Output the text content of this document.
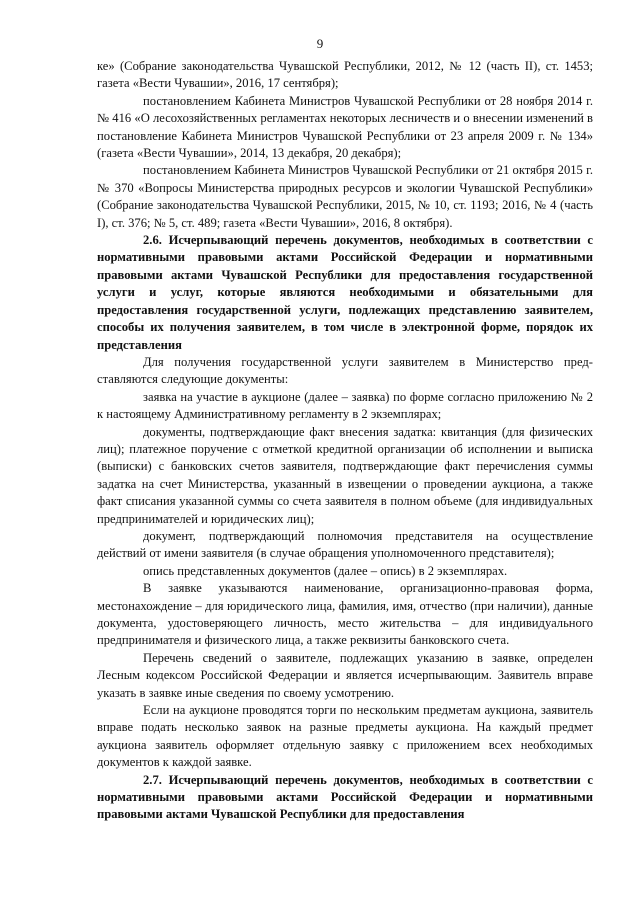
9

ке» (Собрание законодательства Чувашской Республики, 2012, № 12 (часть II), ст. 1453; газета «Вести Чувашии», 2016, 17 сентября);

постановлением Кабинета Министров Чувашской Республики от 28 ноября 2014 г. № 416 «О лесохозяйственных регламентах некоторых лесничеств и о внесении изменений в постановление Кабинета Министров Чувашской Республики от 23 апреля 2009 г. № 134» (газета «Вести Чувашии», 2014, 13 декабря, 20 декабря);

постановлением Кабинета Министров Чувашской Республики от 21 октября 2015 г. № 370 «Вопросы Министерства природных ресурсов и экологии Чувашской Республики» (Собрание законодательства Чувашской Республики, 2015, № 10, ст. 1193; 2016, № 4 (часть I), ст. 376; № 5, ст. 489; газета «Вести Чувашии», 2016, 8 октября).

2.6. Исчерпывающий перечень документов, необходимых в соответствии с нормативными правовыми актами Российской Федерации и нормативными правовыми актами Чувашской Республики для предоставления государственной услуги и услуг, которые являются необходимыми и обязательными для предоставления государственной услуги, подлежащих представлению заявителем, способы их получения заявителем, в том числе в электронной форме, порядок их представления

Для получения государственной услуги заявителем в Министерство представляются следующие документы:

заявка на участие в аукционе (далее – заявка) по форме согласно приложению № 2 к настоящему Административному регламенту в 2 экземплярах;

документы, подтверждающие факт внесения задатка: квитанция (для физических лиц); платежное поручение с отметкой кредитной организации об исполнении и выписка (выписки) с банковских счетов заявителя, подтверждающие факт перечисления суммы задатка на счет Министерства, указанный в извещении о проведении аукциона, а также факт списания указанной суммы со счета заявителя в полном объеме (для индивидуальных предпринимателей и юридических лиц);

документ, подтверждающий полномочия представителя на осуществление действий от имени заявителя (в случае обращения уполномоченного представителя);

опись представленных документов (далее – опись) в 2 экземплярах.

В заявке указываются наименование, организационно-правовая форма, местонахождение – для юридического лица, фамилия, имя, отчество (при наличии), данные документа, удостоверяющего личность, место жительства – для индивидуального предпринимателя и физического лица, а также реквизиты банковского счета.

Перечень сведений о заявителе, подлежащих указанию в заявке, определен Лесным кодексом Российской Федерации и является исчерпывающим. Заявитель вправе указать в заявке иные сведения по своему усмотрению.

Если на аукционе проводятся торги по нескольким предметам аукциона, заявитель вправе подать несколько заявок на разные предметы аукциона. На каждый предмет аукциона заявитель оформляет отдельную заявку с приложением всех необходимых документов к каждой заявке.

2.7. Исчерпывающий перечень документов, необходимых в соответствии с нормативными правовыми актами Российской Федерации и нормативными правовыми актами Чувашской Республики для предоставления
